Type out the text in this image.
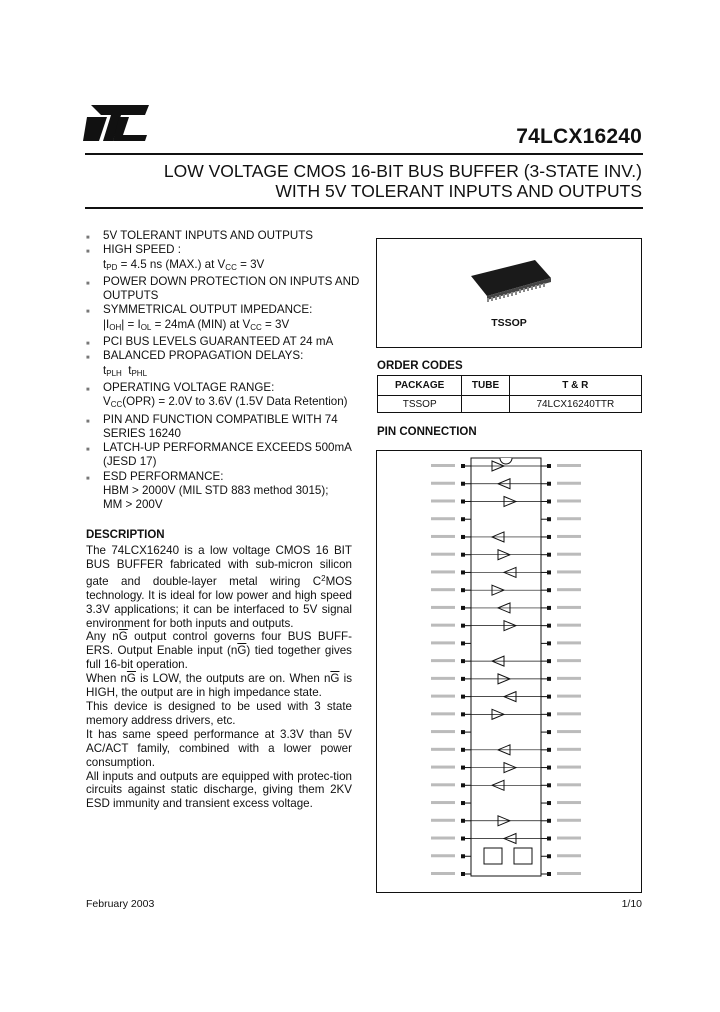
74LCX16240
LOW VOLTAGE CMOS 16-BIT BUS BUFFER (3-STATE INV.)
WITH 5V TOLERANT INPUTS AND OUTPUTS
■ 5V TOLERANT INPUTS AND OUTPUTS
■ HIGH SPEED :
$t_{PD} = 4.5$ ns (MAX.) at $V_{CC} = 3V$
■ POWER DOWN PROTECTION ON INPUTS AND OUTPUTS
■ SYMMETRICAL OUTPUT IMPEDANCE:
$|I_{OH}| = I_{OL} = 24mA$ (MIN) at $V_{CC} = 3V$
■ PCI BUS LEVELS GUARANTEED AT 24 mA
■ BALANCED PROPAGATION DELAYS:
$t_{PLH}$  $t_{PHL}$
■ OPERATING VOLTAGE RANGE:
$V_{CC}(OPR) = 2.0V$ to 3.6V (1.5V Data Retention)
■ PIN AND FUNCTION COMPATIBLE WITH 74 SERIES 16240
■ LATCH-UP PERFORMANCE EXCEEDS 500mA (JESD 17)
■ ESD PERFORMANCE:
HBM > 2000V (MIL STD 883 method 3015);
MM > 200V
DESCRIPTION

The 74LCX16240 is a low voltage CMOS 16 BIT BUS BUFFER fabricated with sub-micron silicon gate and double-layer metal wiring $C^2MOS$ technology. It is ideal for low power and high speed 3.3V applications; it can be interfaced to 5V signal environment for both inputs and outputs.

Any $n\overline{G}$ output control governs four BUS BUFF-ERS. Output Enable input $(n\overline{G})$ tied together gives full 16-bit operation.

When $n\overline{G}$ is LOW, the outputs are on. When $n\overline{G}$ is HIGH, the output are in high impedance state.

This device is designed to be used with 3 state memory address drivers, etc.

It has same speed performance at 3.3V than 5V AC/ACT family, combined with a lower power consumption.

All inputs and outputs are equipped with protec-tion circuits against static discharge, giving them 2KV ESD immunity and transient excess voltage.

TSSOP
ORDER CODES
PACKAGE	TUBE	T & R
TSSOP		74LCX16240TTR
PIN CONNECTION
February 2003	1/10
